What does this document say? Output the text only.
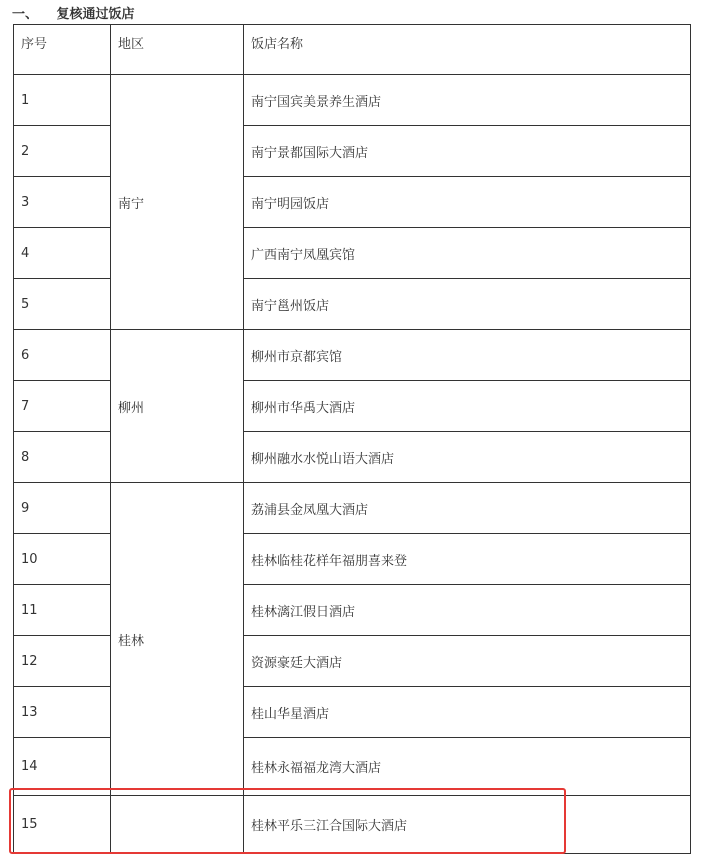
一、 复核通过饭店
序号	地区	饭店名称
1	南宁	南宁国宾美景养生酒店
2		南宁景都国际大酒店
3		南宁明园饭店
4		广西南宁凤凰宾馆
5		南宁邕州饭店
6	柳州	柳州市京都宾馆
7		柳州市华禹大酒店
8		柳州融水水悦山语大酒店
9	桂林	荔浦县金凤凰大酒店
10		桂林临桂花样年福朋喜来登
11		桂林漓江假日酒店
12		资源豪廷大酒店
13		桂山华星酒店
14		桂林永福福龙湾大酒店
15		桂林平乐三江合国际大酒店
